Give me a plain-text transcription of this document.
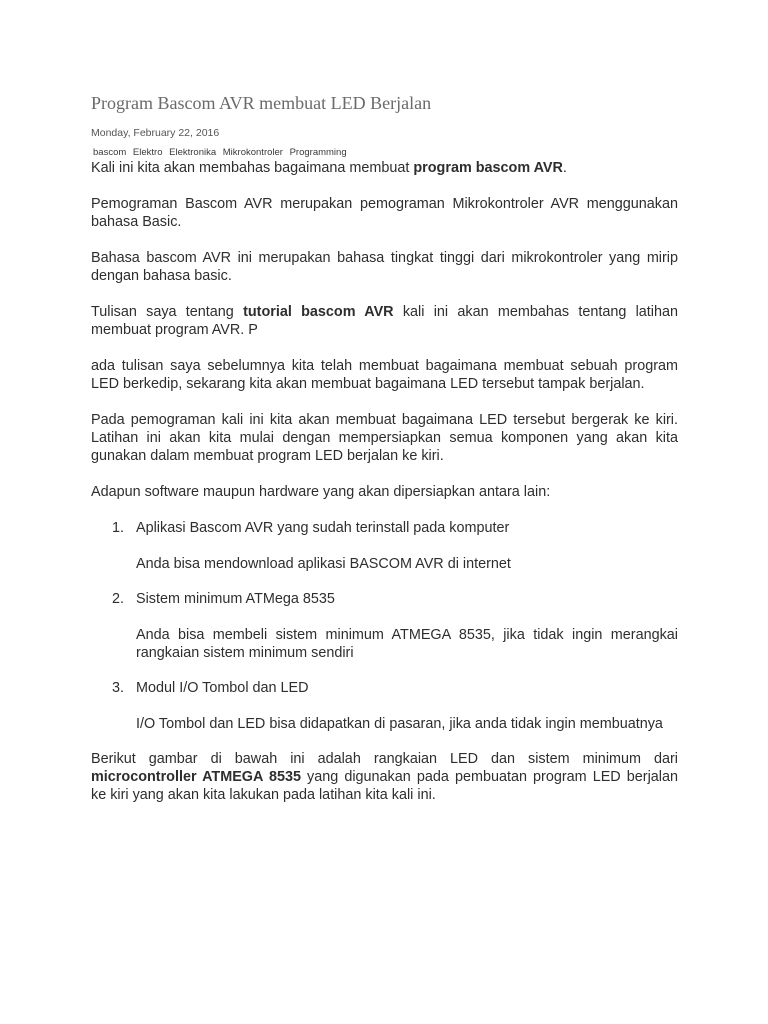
Program Bascom AVR membuat LED Berjalan
Monday, February 22, 2016
bascom Elektro Elektronika Mikrokontroler Programming

Kali ini kita akan membahas bagaimana membuat program bascom AVR.

Pemograman Bascom AVR merupakan pemograman Mikrokontroler AVR menggunakan bahasa Basic.

Bahasa bascom AVR ini merupakan bahasa tingkat tinggi dari mikrokontroler yang mirip dengan bahasa basic.

Tulisan saya tentang tutorial bascom AVR kali ini akan membahas tentang latihan membuat program AVR. P

ada tulisan saya sebelumnya kita telah membuat bagaimana membuat sebuah program LED berkedip, sekarang kita akan membuat bagaimana LED tersebut tampak berjalan.

Pada pemograman kali ini kita akan membuat bagaimana LED tersebut bergerak ke kiri. Latihan ini akan kita mulai dengan mempersiapkan semua komponen yang akan kita gunakan dalam membuat program LED berjalan ke kiri.

Adapun software maupun hardware yang akan dipersiapkan antara lain:

1. Aplikasi Bascom AVR yang sudah terinstall pada komputer
Anda bisa mendownload aplikasi BASCOM AVR di internet
2. Sistem minimum ATMega 8535
Anda bisa membeli sistem minimum ATMEGA 8535, jika tidak ingin merangkai rangkaian sistem minimum sendiri
3. Modul I/O Tombol dan LED
I/O Tombol dan LED bisa didapatkan di pasaran, jika anda tidak ingin membuatnya

Berikut gambar di bawah ini adalah rangkaian LED dan sistem minimum dari microcontroller ATMEGA 8535 yang digunakan pada pembuatan program LED berjalan ke kiri yang akan kita lakukan pada latihan kita kali ini.
